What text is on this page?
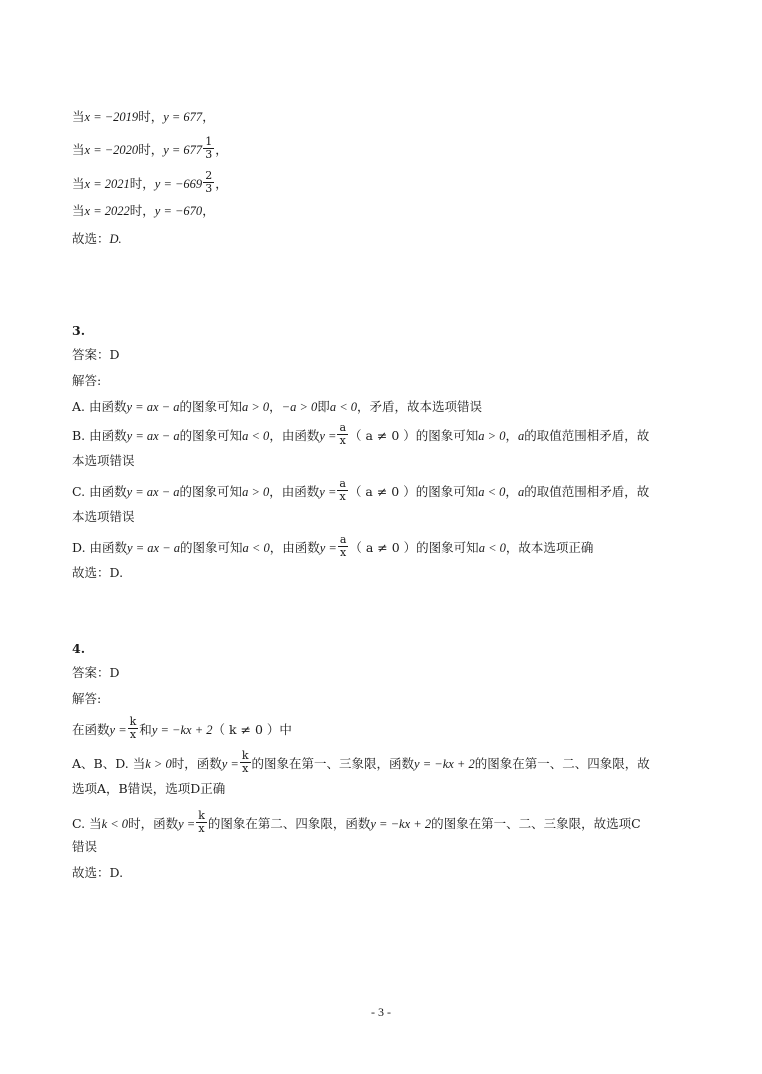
当x = −2019时，y = 677，
当x = −2020时，$y = 677 \frac{1}{3}$ ，
当x = 2021时，$y = -669 \frac{2}{3}$ ，
当x = 2022时，y = −670，
故选：D.
3.
答案：D
解答:
A. 由函数y = ax − a的图象可知a > 0，−a > 0即a < 0，矛盾，故本选项错误
B. 由函数y = ax − a的图象可知a < 0，由函数$y = \frac{a}{x}$ （ a ≠ 0 ）的图象可知a > 0，a的取值范围相矛盾，故
本选项错误
C. 由函数y = ax − a的图象可知a > 0，由函数$y = \frac{a}{x}$ （ a ≠ 0 ）的图象可知a < 0，a的取值范围相矛盾，故
本选项错误
D. 由函数y = ax − a的图象可知a < 0，由函数$y = \frac{a}{x}$ （ a ≠ 0 ）的图象可知a < 0，故本选项正确
故选：D.
4.
答案：D
解答:
在函数$y = \frac{k}{x}$ 和y = −kx + 2（ k ≠ 0 ）中
A、B、D. 当k > 0时，函数$y = \frac{k}{x}$ 的图象在第一、三象限，函数y = −kx + 2的图象在第一、二、四象限，故
选项A，B错误，选项D正确
C. 当k < 0时，函数$y = \frac{k}{x}$ 的图象在第二、四象限，函数y = −kx + 2的图象在第一、二、三象限，故选项C
错误
故选：D.
- 3 -
